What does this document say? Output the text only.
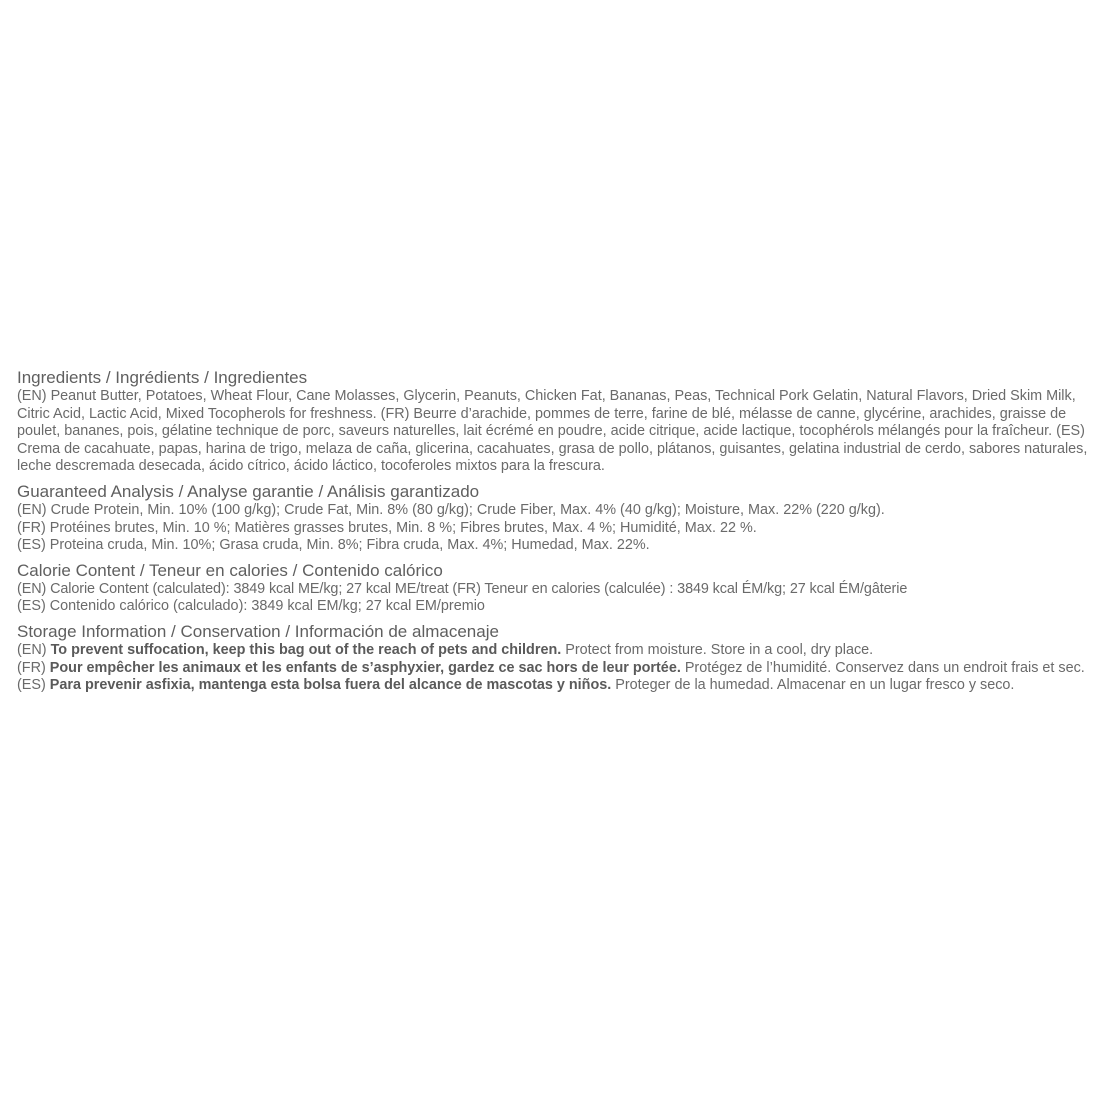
Ingredients / Ingrédients / Ingredientes

(EN) Peanut Butter, Potatoes, Wheat Flour, Cane Molasses, Glycerin, Peanuts, Chicken Fat, Bananas, Peas, Technical Pork Gelatin, Natural Flavors, Dried Skim Milk, Citric Acid, Lactic Acid, Mixed Tocopherols for freshness. (FR) Beurre d’arachide, pommes de terre, farine de blé, mélasse de canne, glycérine, arachides, graisse de poulet, bananes, pois, gélatine technique de porc, saveurs naturelles, lait écrémé en poudre, acide citrique, acide lactique, tocophérols mélangés pour la fraîcheur. (ES) Crema de cacahuate, papas, harina de trigo, melaza de caña, glicerina, cacahuates, grasa de pollo, plátanos, guisantes, gelatina industrial de cerdo, sabores naturales, leche descremada desecada, ácido cítrico, ácido láctico, tocoferoles mixtos para la frescura.

Guaranteed Analysis / Analyse garantie / Análisis garantizado

(EN) Crude Protein, Min. 10% (100 g/kg); Crude Fat, Min. 8% (80 g/kg); Crude Fiber, Max. 4% (40 g/kg); Moisture, Max. 22% (220 g/kg).

(FR) Protéines brutes, Min. 10 %; Matières grasses brutes, Min. 8 %; Fibres brutes, Max. 4 %; Humidité, Max. 22 %.

(ES) Proteina cruda, Min. 10%; Grasa cruda, Min. 8%; Fibra cruda, Max. 4%; Humedad, Max. 22%.

Calorie Content / Teneur en calories / Contenido calórico

(EN) Calorie Content (calculated): 3849 kcal ME/kg; 27 kcal ME/treat (FR) Teneur en calories (calculée) : 3849 kcal ÉM/kg; 27 kcal ÉM/gâterie

(ES) Contenido calórico (calculado): 3849 kcal EM/kg; 27 kcal EM/premio

Storage Information / Conservation / Información de almacenaje

(EN) To prevent suffocation, keep this bag out of the reach of pets and children. Protect from moisture. Store in a cool, dry place.

(FR) Pour empêcher les animaux et les enfants de s’asphyxier, gardez ce sac hors de leur portée. Protégez de l’humidité. Conservez dans un endroit frais et sec.

(ES) Para prevenir asfixia, mantenga esta bolsa fuera del alcance de mascotas y niños. Proteger de la humedad. Almacenar en un lugar fresco y seco.
